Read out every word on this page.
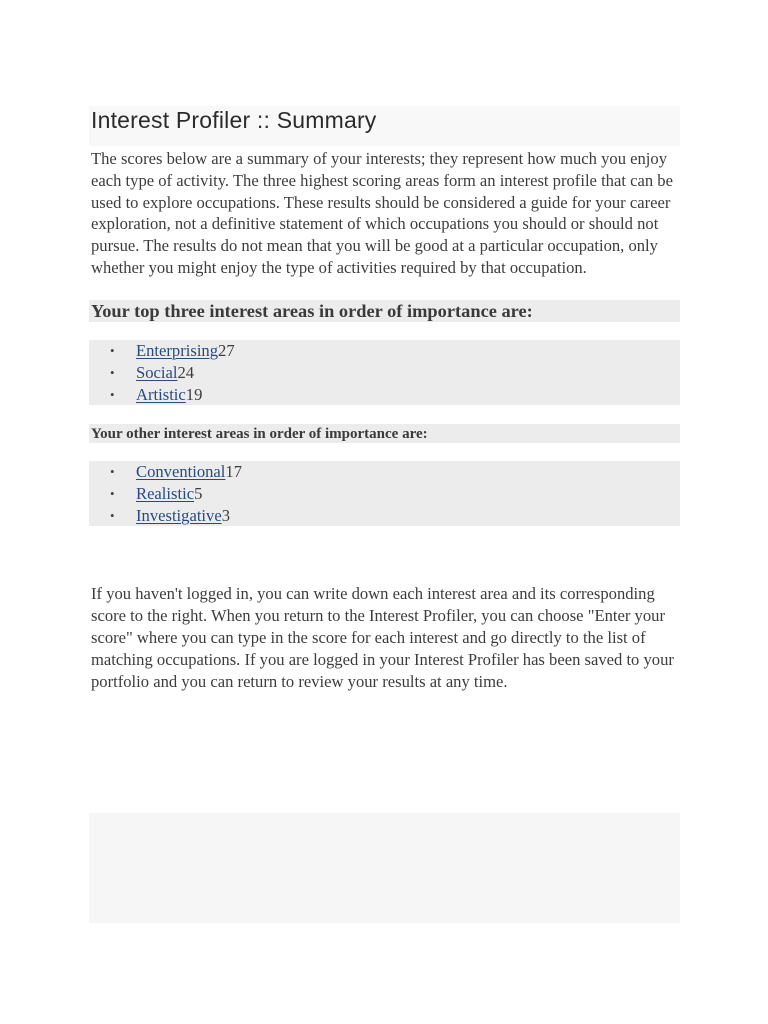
Interest Profiler :: Summary

The scores below are a summary of your interests; they represent how much you enjoy each type of activity. The three highest scoring areas form an interest profile that can be used to explore occupations. These results should be considered a guide for your career exploration, not a definitive statement of which occupations you should or should not pursue. The results do not mean that you will be good at a particular occupation, only whether you might enjoy the type of activities required by that occupation.

Your top three interest areas in order of importance are:
• Enterprising27
• Social24
• Artistic19
Your other interest areas in order of importance are:
• Conventional17
• Realistic5
• Investigative3

If you haven't logged in, you can write down each interest area and its corresponding score to the right. When you return to the Interest Profiler, you can choose "Enter your score" where you can type in the score for each interest and go directly to the list of matching occupations. If you are logged in your Interest Profiler has been saved to your portfolio and you can return to review your results at any time.
